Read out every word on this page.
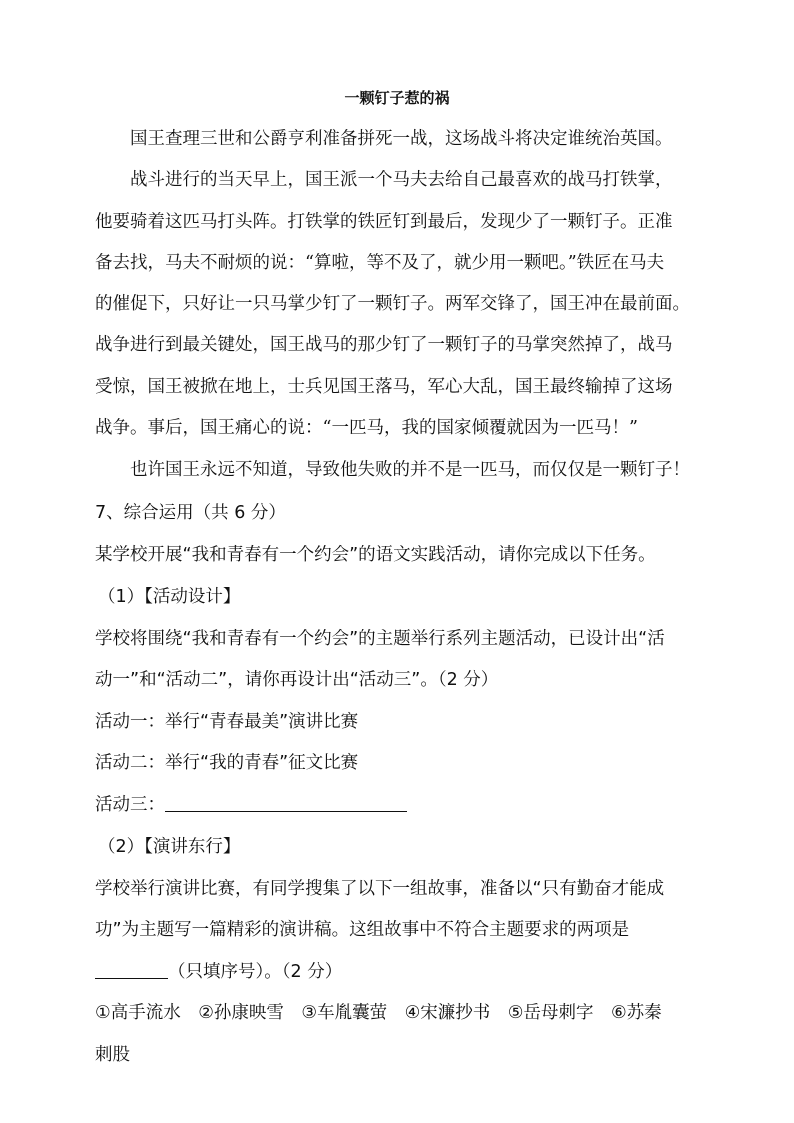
一颗钉子惹的祸

国王查理三世和公爵亨利准备拼死一战，这场战斗将决定谁统治英国。

战斗进行的当天早上，国王派一个马夫去给自己最喜欢的战马打铁掌，

他要骑着这匹马打头阵。打铁掌的铁匠钉到最后，发现少了一颗钉子。正准

备去找，马夫不耐烦的说：“算啦，等不及了，就少用一颗吧。”铁匠在马夫

的催促下，只好让一只马掌少钉了一颗钉子。两军交锋了，国王冲在最前面。

战争进行到最关键处，国王战马的那少钉了一颗钉子的马掌突然掉了，战马

受惊，国王被掀在地上，士兵见国王落马，军心大乱，国王最终输掉了这场

战争。事后，国王痛心的说：“一匹马，我的国家倾覆就因为一匹马！”

也许国王永远不知道，导致他失败的并不是一匹马，而仅仅是一颗钉子！

7、综合运用（共 6 分）

某学校开展“我和青春有一个约会”的语文实践活动，请你完成以下任务。

（1）【活动设计】

学校将围绕“我和青春有一个约会”的主题举行系列主题活动，已设计出“活

动一”和“活动二”，请你再设计出“活动三”。（2 分）

活动一：举行“青春最美”演讲比赛

活动二：举行“我的青春”征文比赛

活动三：

（2）【演讲东行】

学校举行演讲比赛，有同学搜集了以下一组故事，准备以“只有勤奋才能成

功”为主题写一篇精彩的演讲稿。这组故事中不符合主题要求的两项是

（只填序号）。（2 分）

①高手流水　②孙康映雪　③车胤囊萤　④宋濂抄书　⑤岳母刺字　⑥苏秦

刺股
